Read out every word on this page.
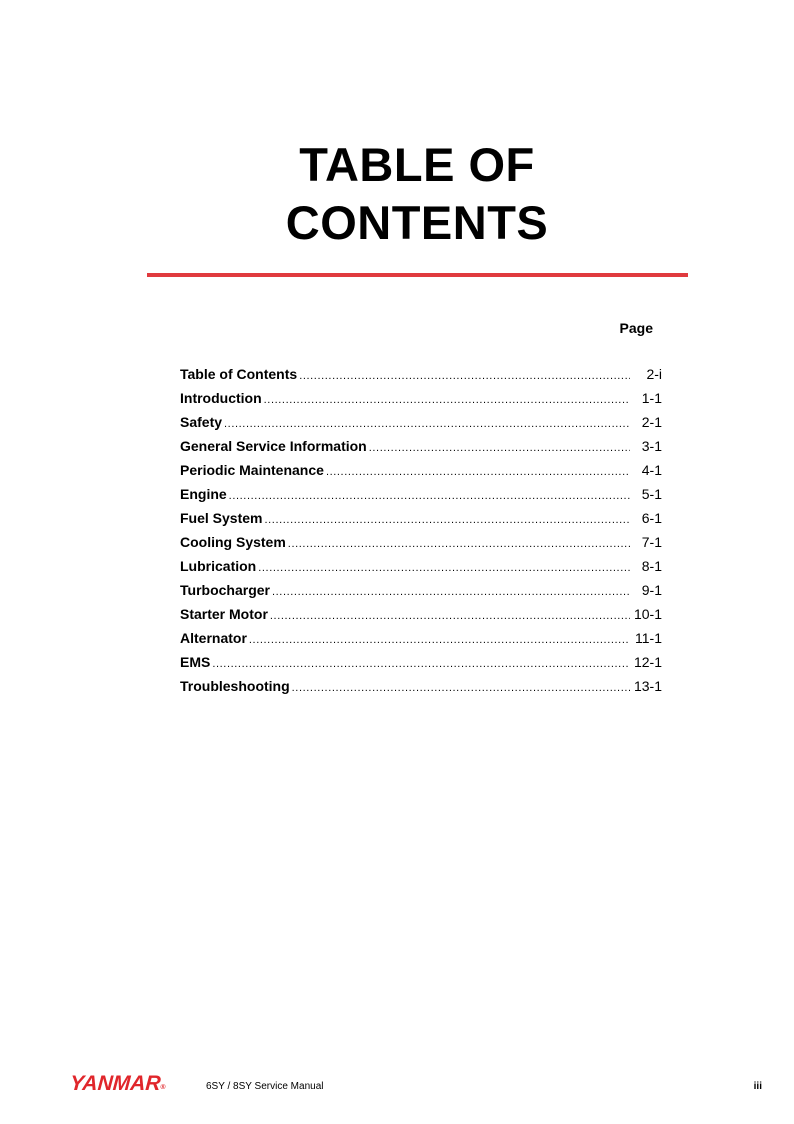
TABLE OF
CONTENTS
Page
Table of Contents .....	2-i
Introduction .....	1-1
Safety .....	2-1
General Service Information .....	3-1
Periodic Maintenance .....	4-1
Engine .....	5-1
Fuel System .....	6-1
Cooling System .....	7-1
Lubrication .....	8-1
Turbocharger .....	9-1
Starter Motor .....	10-1
Alternator .....	11-1
EMS .....	12-1
Troubleshooting .....	13-1
YANMAR®	6SY / 8SY Service Manual	iii
